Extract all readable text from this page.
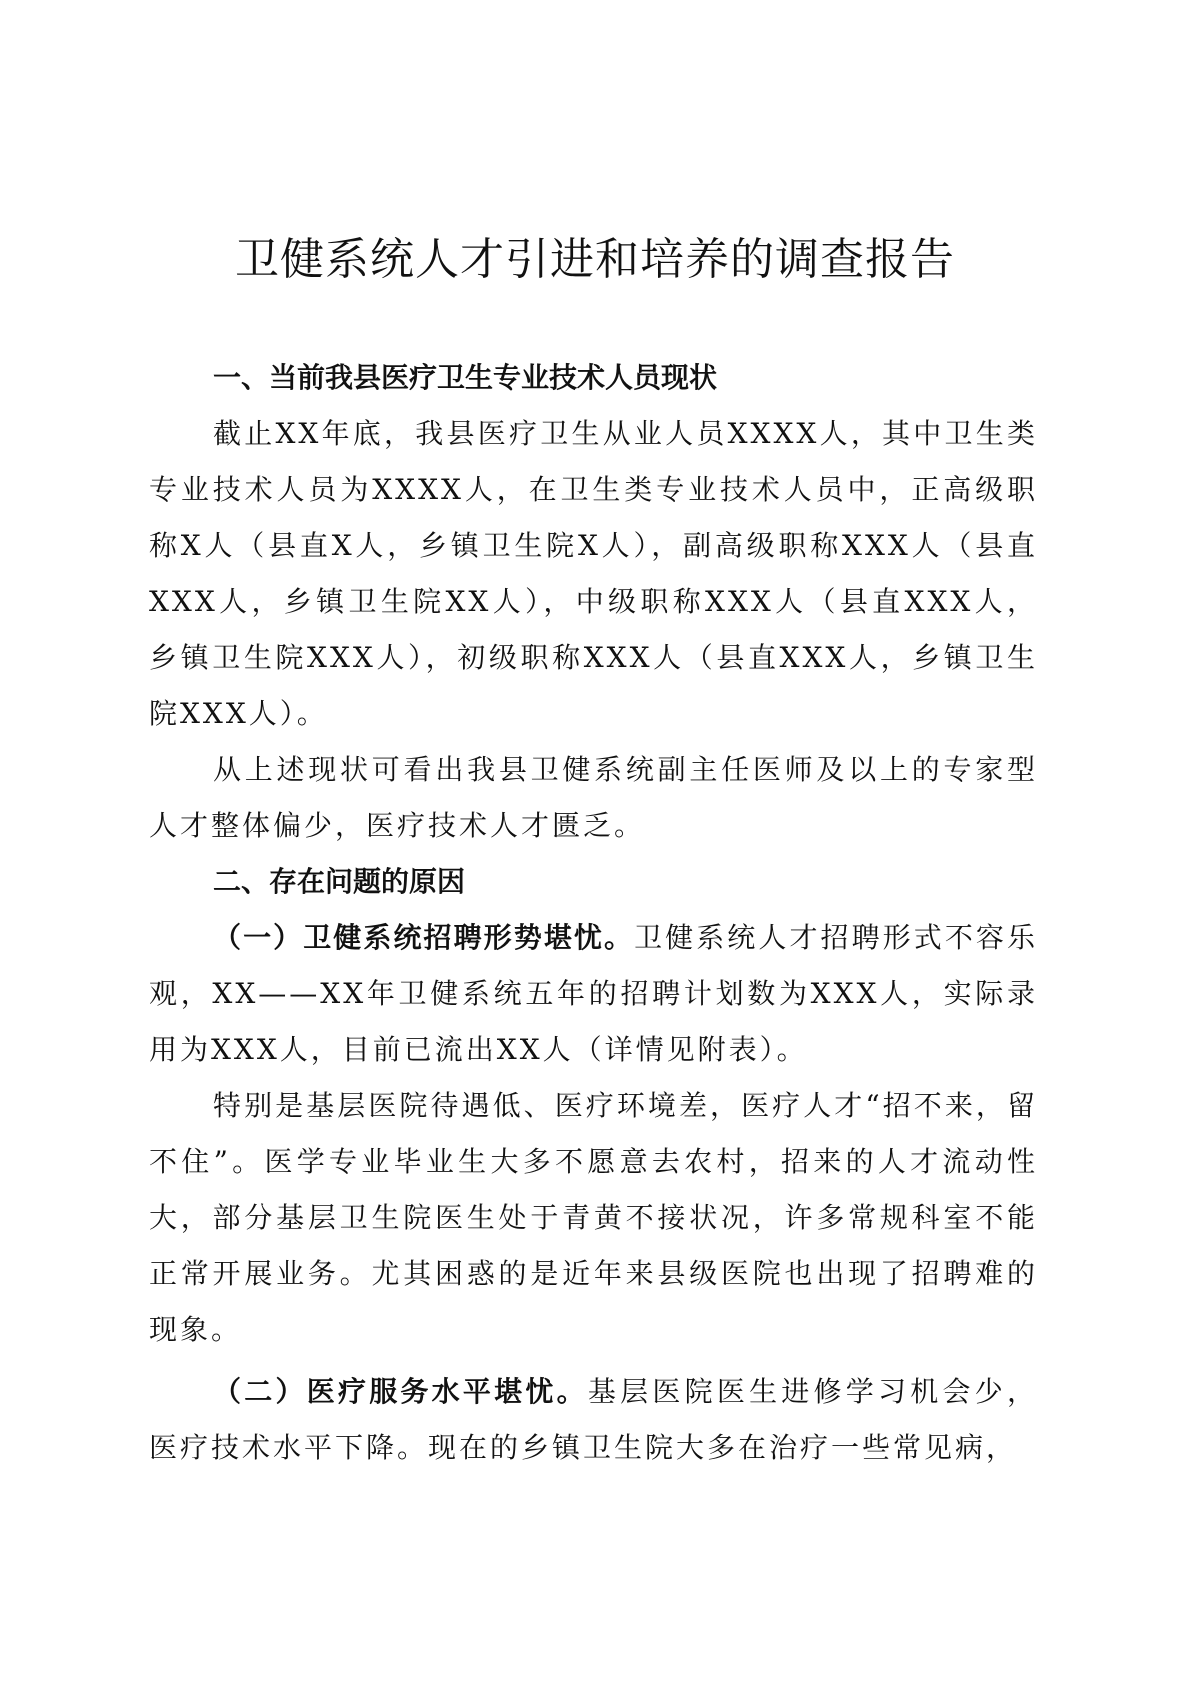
卫健系统人才引进和培养的调查报告
一、当前我县医疗卫生专业技术人员现状

截止XX年底，我县医疗卫生从业人员XXXX人，其中卫生类专业技术人员为XXXX人，在卫生类专业技术人员中，正高级职称X人（县直X人，乡镇卫生院X人），副高级职称XXX人（县直XXX人，乡镇卫生院XX人），中级职称XXX人（县直XXX人，乡镇卫生院XXX人），初级职称XXX人（县直XXX人，乡镇卫生院XXX人）。

从上述现状可看出我县卫健系统副主任医师及以上的专家型人才整体偏少，医疗技术人才匮乏。

二、存在问题的原因

（一）卫健系统招聘形势堪忧。卫健系统人才招聘形式不容乐观，XX——XX年卫健系统五年的招聘计划数为XXX人，实际录用为XXX人，目前已流出XX人（详情见附表）。

特别是基层医院待遇低、医疗环境差，医疗人才“招不来，留不住”。医学专业毕业生大多不愿意去农村，招来的人才流动性大，部分基层卫生院医生处于青黄不接状况，许多常规科室不能正常开展业务。尤其困惑的是近年来县级医院也出现了招聘难的现象。

（二）医疗服务水平堪忧。基层医院医生进修学习机会少，医疗技术水平下降。现在的乡镇卫生院大多在治疗一些常见病，
